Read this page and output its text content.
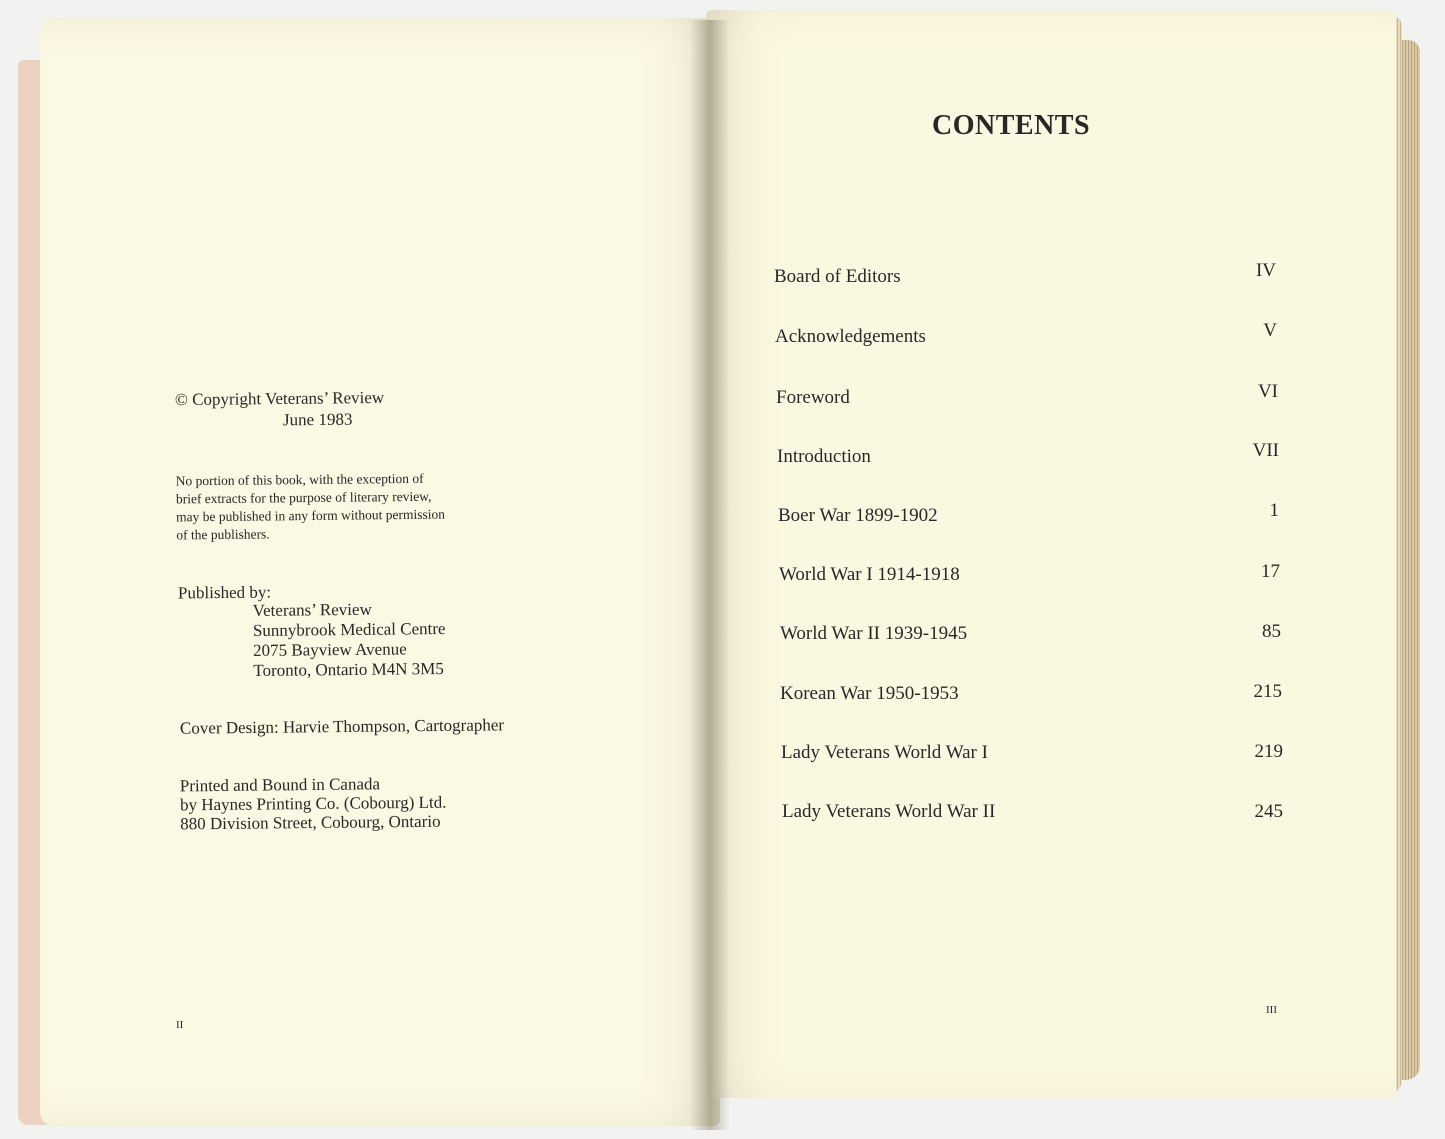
© Copyright Veterans’ Review
June 1983
No portion of this book, with the exception of
brief extracts for the purpose of literary review,
may be published in any form without permission
of the publishers.
Published by:
Veterans’ Review
Sunnybrook Medical Centre
2075 Bayview Avenue
Toronto, Ontario M4N 3M5
Cover Design: Harvie Thompson, Cartographer
Printed and Bound in Canada
by Haynes Printing Co. (Cobourg) Ltd.
880 Division Street, Cobourg, Ontario
II
CONTENTS
Board of Editors	IV
Acknowledgements	V
Foreword	VI
Introduction	VII
Boer War 1899-1902	1
World War I 1914-1918	17
World War II 1939-1945	85
Korean War 1950-1953	215
Lady Veterans World War I	219
Lady Veterans World War II	245
III
